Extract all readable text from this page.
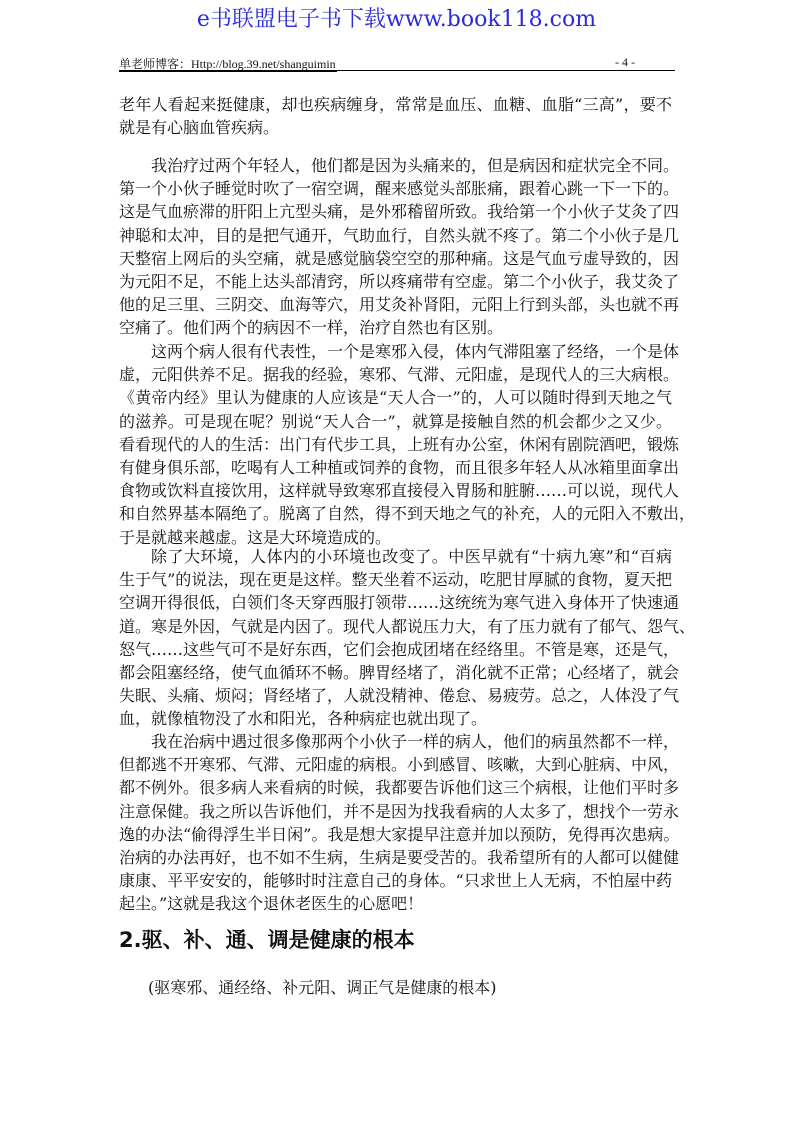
e书联盟电子书下载www.book118.com
单老师博客：Http://blog.39.net/shanguimin	- 4 -
老年人看起来挺健康，却也疾病缠身，常常是血压、血糖、血脂“三高”，要不
就是有心脑血管疾病。
我治疗过两个年轻人，他们都是因为头痛来的，但是病因和症状完全不同。
第一个小伙子睡觉时吹了一宿空调，醒来感觉头部胀痛，跟着心跳一下一下的。
这是气血瘀滞的肝阳上亢型头痛，是外邪稽留所致。我给第一个小伙子艾灸了四
神聪和太冲，目的是把气通开，气助血行，自然头就不疼了。第二个小伙子是几
天整宿上网后的头空痛，就是感觉脑袋空空的那种痛。这是气血亏虚导致的，因
为元阳不足，不能上达头部清窍，所以疼痛带有空虚。第二个小伙子，我艾灸了
他的足三里、三阴交、血海等穴，用艾灸补肾阳，元阳上行到头部，头也就不再
空痛了。他们两个的病因不一样，治疗自然也有区别。
这两个病人很有代表性，一个是寒邪入侵，体内气滞阻塞了经络，一个是体
虚，元阳供养不足。据我的经验，寒邪、气滞、元阳虚，是现代人的三大病根。
《黄帝内经》里认为健康的人应该是“天人合一”的，人可以随时得到天地之气
的滋养。可是现在呢？别说“天人合一”，就算是接触自然的机会都少之又少。
看看现代的人的生活：出门有代步工具，上班有办公室，休闲有剧院酒吧，锻炼
有健身俱乐部，吃喝有人工种植或饲养的食物，而且很多年轻人从冰箱里面拿出
食物或饮料直接饮用，这样就导致寒邪直接侵入胃肠和脏腑……可以说，现代人
和自然界基本隔绝了。脱离了自然，得不到天地之气的补充，人的元阳入不敷出，
于是就越来越虚。这是大环境造成的。
除了大环境，人体内的小环境也改变了。中医早就有“十病九寒”和“百病
生于气”的说法，现在更是这样。整天坐着不运动，吃肥甘厚腻的食物，夏天把
空调开得很低，白领们冬天穿西服打领带……这统统为寒气进入身体开了快速通
道。寒是外因，气就是内因了。现代人都说压力大，有了压力就有了郁气、怨气、
怒气……这些气可不是好东西，它们会抱成团堵在经络里。不管是寒，还是气，
都会阻塞经络，使气血循环不畅。脾胃经堵了，消化就不正常；心经堵了，就会
失眠、头痛、烦闷；肾经堵了，人就没精神、倦怠、易疲劳。总之，人体没了气
血，就像植物没了水和阳光，各种病症也就出现了。
我在治病中遇过很多像那两个小伙子一样的病人，他们的病虽然都不一样，
但都逃不开寒邪、气滞、元阳虚的病根。小到感冒、咳嗽，大到心脏病、中风，
都不例外。很多病人来看病的时候，我都要告诉他们这三个病根，让他们平时多
注意保健。我之所以告诉他们，并不是因为找我看病的人太多了，想找个一劳永
逸的办法“偷得浮生半日闲”。我是想大家提早注意并加以预防，免得再次患病。
治病的办法再好，也不如不生病，生病是要受苦的。我希望所有的人都可以健健
康康、平平安安的，能够时时注意自己的身体。“只求世上人无病，不怕屋中药
起尘。”这就是我这个退休老医生的心愿吧！
2.驱、补、通、调是健康的根本
(驱寒邪、通经络、补元阳、调正气是健康的根本)
